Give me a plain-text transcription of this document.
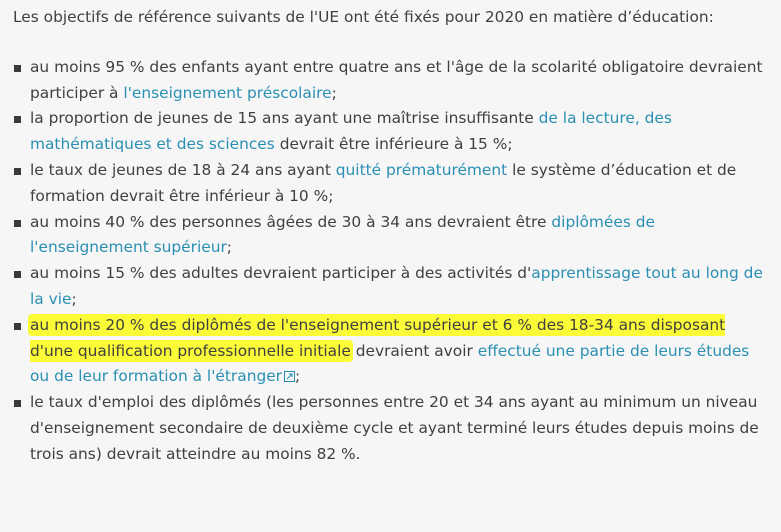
Les objectifs de référence suivants de l'UE ont été fixés pour 2020 en matière d’éducation:

au moins 95 % des enfants ayant entre quatre ans et l'âge de la scolarité obligatoire devraient participer à l'enseignement préscolaire;
la proportion de jeunes de 15 ans ayant une maîtrise insuffisante de la lecture, des mathématiques et des sciences devrait être inférieure à 15 %;
le taux de jeunes de 18 à 24 ans ayant quitté prématurément le système d’éducation et de formation devrait être inférieur à 10 %;
au moins 40 % des personnes âgées de 30 à 34 ans devraient être diplômées de l'enseignement supérieur;
au moins 15 % des adultes devraient participer à des activités d'apprentissage tout au long de la vie;
au moins 20 % des diplômés de l'enseignement supérieur et 6 % des 18-34 ans disposant d'une qualification professionnelle initiale devraient avoir effectué une partie de leurs études ou de leur formation à l'étranger ;
le taux d'emploi des diplômés (les personnes entre 20 et 34 ans ayant au minimum un niveau d'enseignement secondaire de deuxième cycle et ayant terminé leurs études depuis moins de trois ans) devrait atteindre au moins 82 %.
